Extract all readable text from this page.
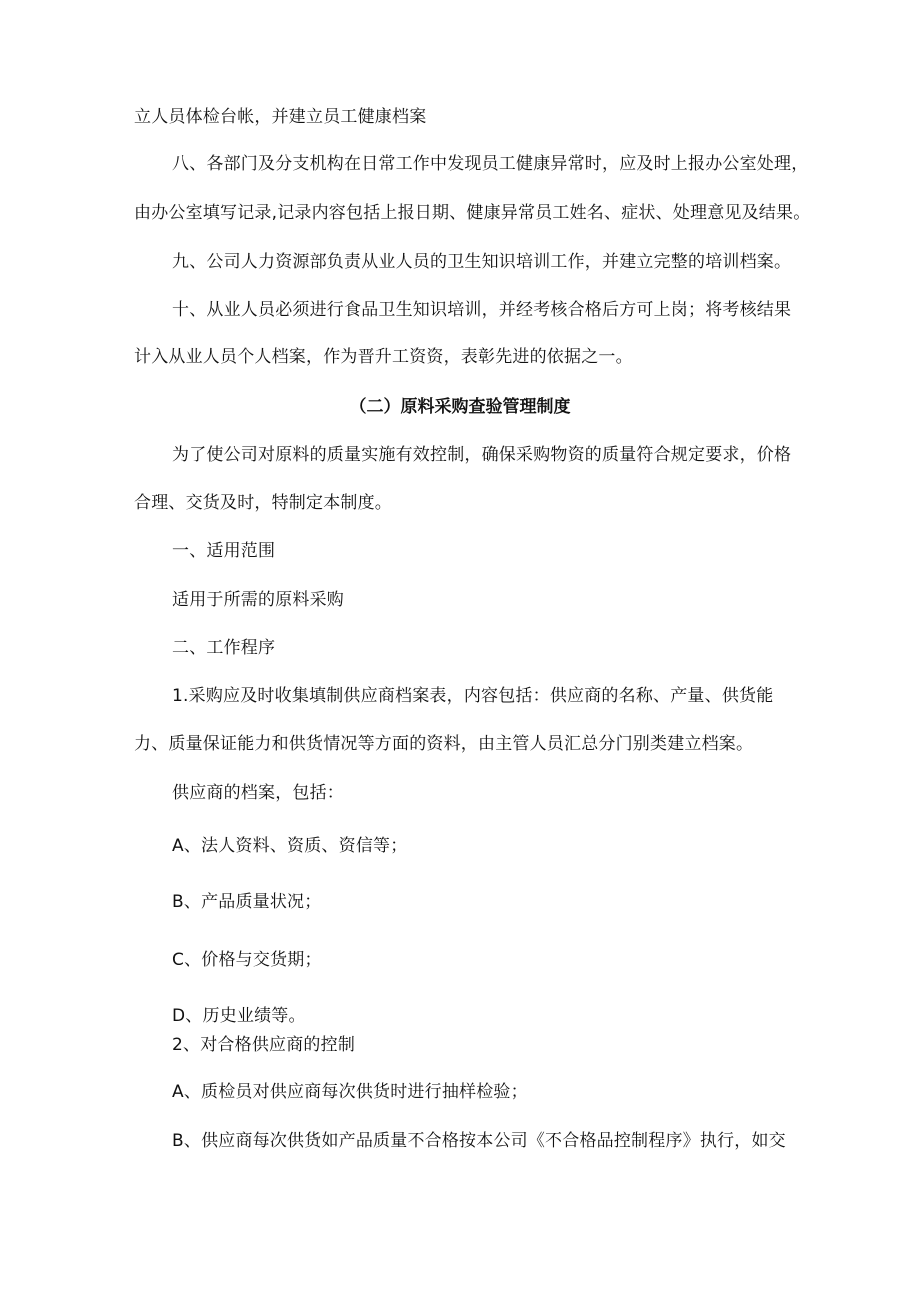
立人员体检台帐，并建立员工健康档案
八、各部门及分支机构在日常工作中发现员工健康异常时，应及时上报办公室处理，
由办公室填写记录,记录内容包括上报日期、健康异常员工姓名、症状、处理意见及结果。
九、公司人力资源部负责从业人员的卫生知识培训工作，并建立完整的培训档案。
十、从业人员必须进行食品卫生知识培训，并经考核合格后方可上岗；将考核结果
计入从业人员个人档案，作为晋升工资资，表彰先进的依据之一。
（二）原料采购查验管理制度
为了使公司对原料的质量实施有效控制，确保采购物资的质量符合规定要求，价格
合理、交货及时，特制定本制度。
一、适用范围
适用于所需的原料采购
二、工作程序
1.采购应及时收集填制供应商档案表，内容包括：供应商的名称、产量、供货能
力、质量保证能力和供货情况等方面的资料，由主管人员汇总分门别类建立档案。
供应商的档案，包括：
A、法人资料、资质、资信等；
B、产品质量状况；
C、价格与交货期；
D、历史业绩等。
2、对合格供应商的控制
A、质检员对供应商每次供货时进行抽样检验；
B、供应商每次供货如产品质量不合格按本公司《不合格品控制程序》执行，如交
